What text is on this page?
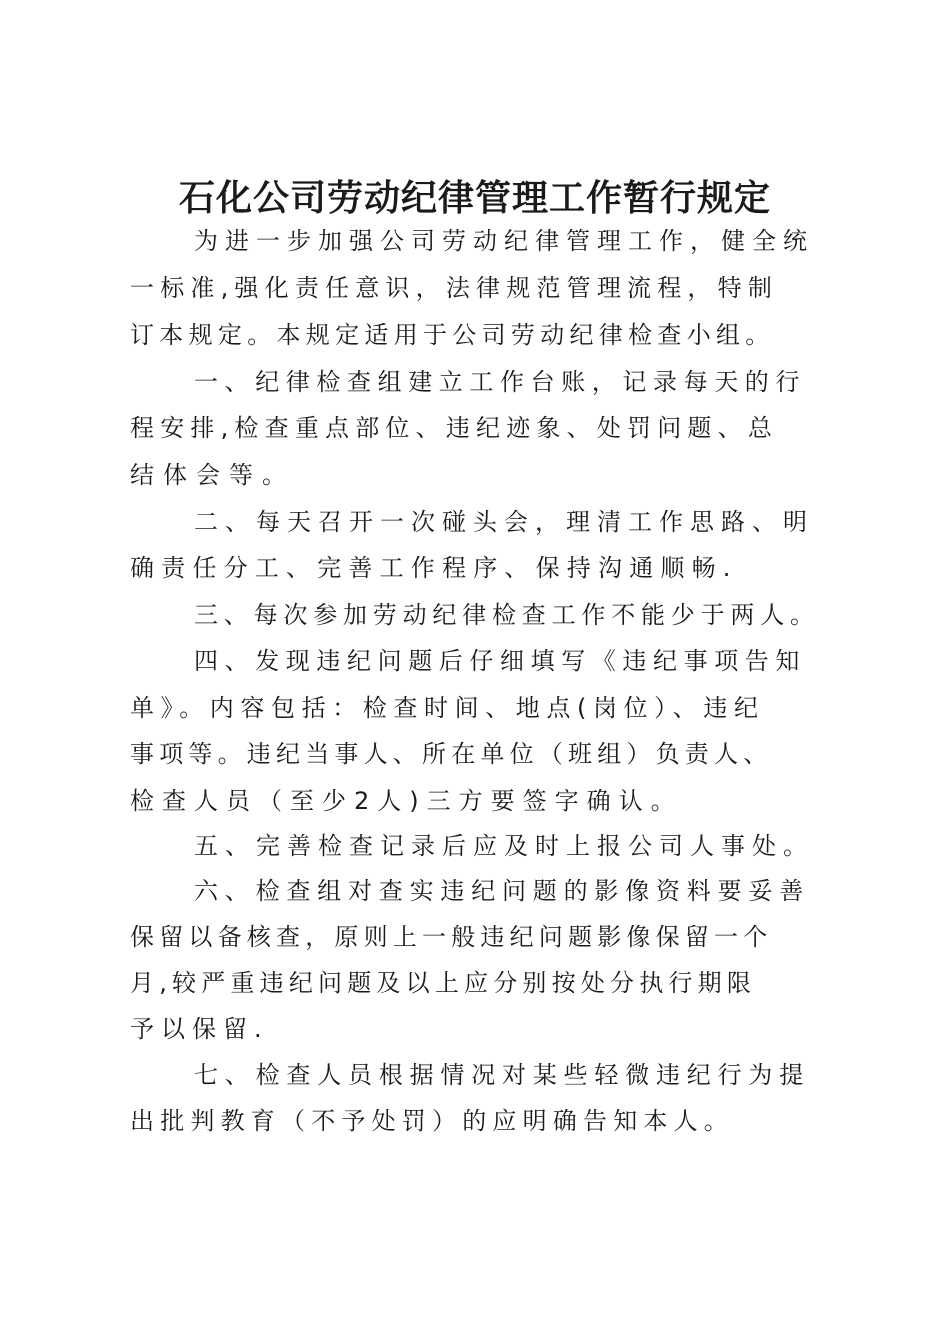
石化公司劳动纪律管理工作暂行规定
为进一步加强公司劳动纪律管理工作，健全统
一标准,强化责任意识，法律规范管理流程，特制
订本规定。本规定适用于公司劳动纪律检查小组。
一、纪律检查组建立工作台账，记录每天的行
程安排,检查重点部位、违纪迹象、处罚问题、总
结体会等。
二、每天召开一次碰头会，理清工作思路、明
确责任分工、完善工作程序、保持沟通顺畅.
三、每次参加劳动纪律检查工作不能少于两人。
四、发现违纪问题后仔细填写《违纪事项告知
单》。内容包括：检查时间、地点(岗位）、违纪
事项等。违纪当事人、所在单位（班组）负责人、
检查人员（至少2人)三方要签字确认。
五、完善检查记录后应及时上报公司人事处。
六、检查组对查实违纪问题的影像资料要妥善
保留以备核查，原则上一般违纪问题影像保留一个
月,较严重违纪问题及以上应分别按处分执行期限
予以保留.
七、检查人员根据情况对某些轻微违纪行为提
出批判教育（不予处罚）的应明确告知本人。
